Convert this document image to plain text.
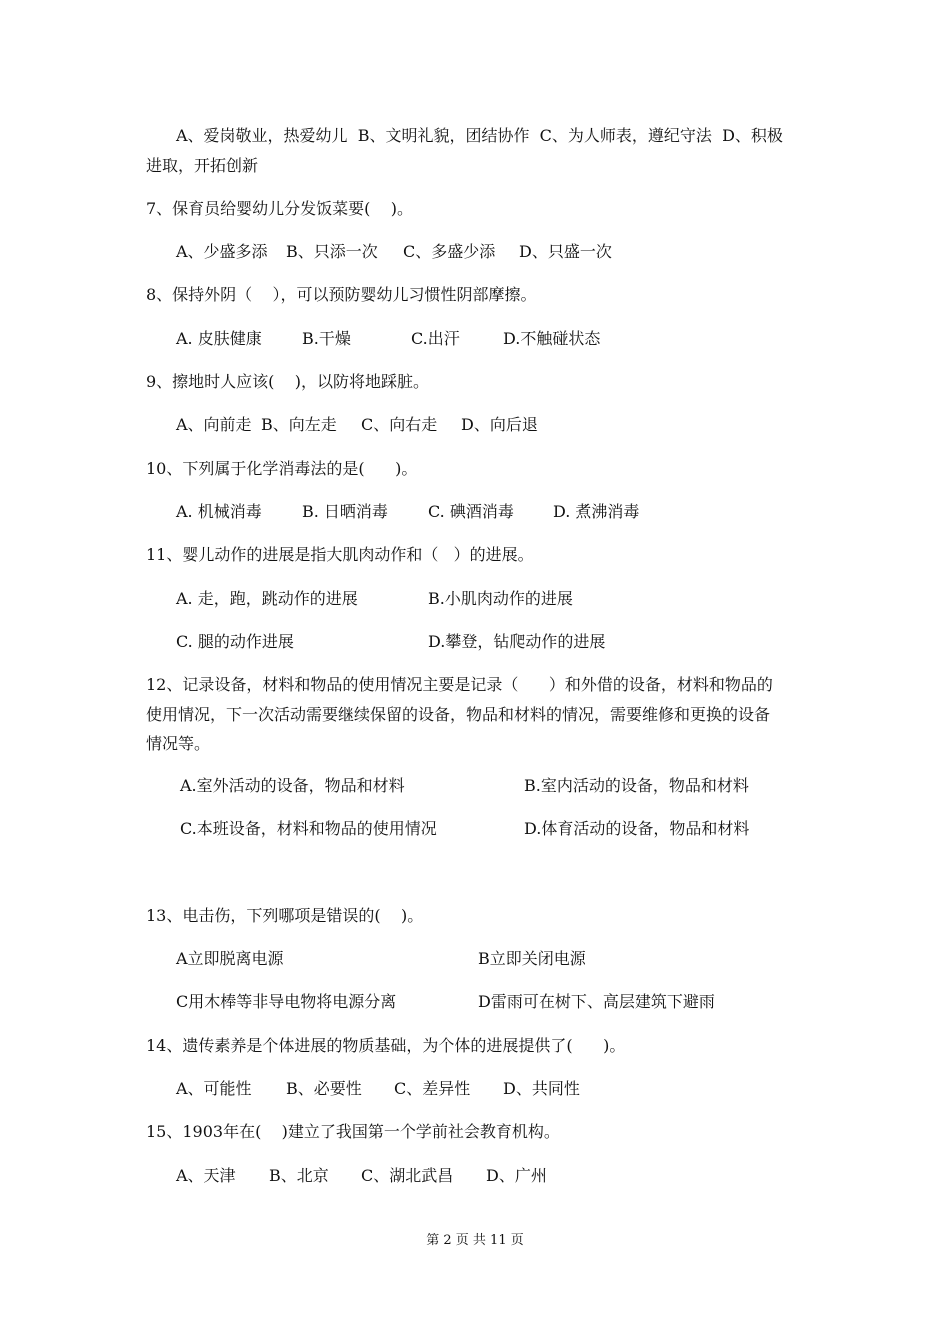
A、爱岗敬业，热爱幼儿  B、文明礼貌，团结协作  C、为人师表，遵纪守法  D、积极
进取，开拓创新
7、保育员给婴幼儿分发饭菜要(    )。
A、少盛多添 B、只添一次 C、多盛少添 D、只盛一次
8、保持外阴（    ），可以预防婴幼儿习惯性阴部摩擦。
A. 皮肤健康	B.干燥	C.出汗	D.不触碰状态
9、擦地时人应该(    )，以防将地踩脏。
A、向前走 B、向左走 C、向右走 D、向后退
10、下列属于化学消毒法的是(      )。
A. 机械消毒	B. 日晒消毒	C. 碘酒消毒 D. 煮沸消毒
11、婴儿动作的进展是指大肌肉动作和（   ）的进展。
A. 走，跑，跳动作的进展	B.小肌肉动作的进展
C. 腿的动作进展	D.攀登，钻爬动作的进展
12、记录设备，材料和物品的使用情况主要是记录（      ）和外借的设备，材料和物品的
使用情况，下一次活动需要继续保留的设备，物品和材料的情况，需要维修和更换的设备
情况等。
A.室外活动的设备，物品和材料	B.室内活动的设备，物品和材料
C.本班设备，材料和物品的使用情况	D.体育活动的设备，物品和材料
13、电击伤，下列哪项是错误的(    )。
A立即脱离电源	B立即关闭电源
C用木棒等非导电物将电源分离	D雷雨可在树下、高层建筑下避雨
14、遗传素养是个体进展的物质基础，为个体的进展提供了(      )。
A、可能性 B、必要性 C、差异性 D、共同性
15、1903年在(    )建立了我国第一个学前社会教育机构。
A、天津 B、北京 C、湖北武昌 D、广州
第 2 页 共 11 页
